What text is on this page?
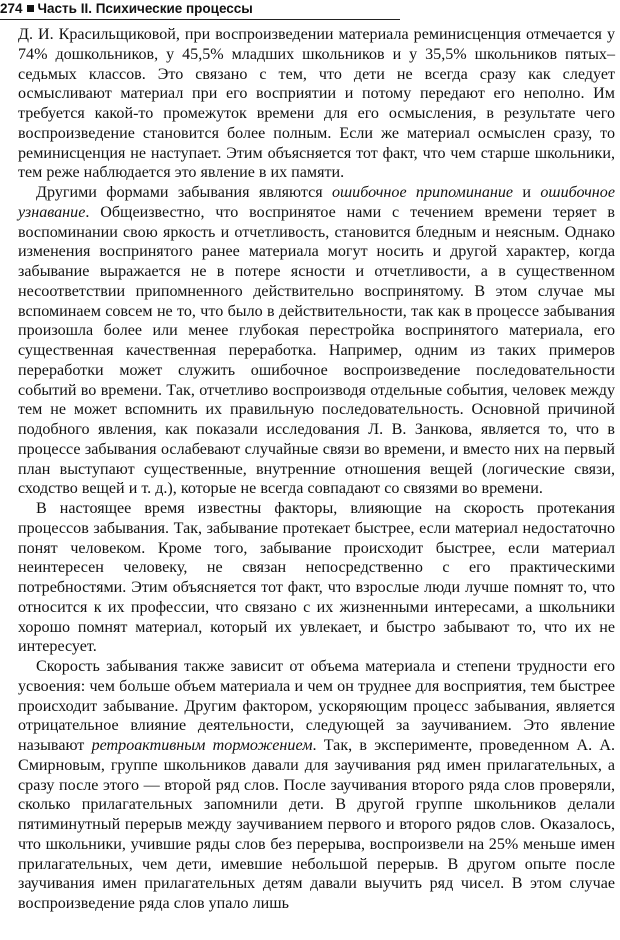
274 Часть II. Психические процессы

Д. И. Красильщиковой, при воспроизведении материала реминисценция отмечается у 74% дошкольников, у 45,5% младших школьников и у 35,5% школьников пятых–седьмых классов. Это связано с тем, что дети не всегда сразу как следует осмысливают материал при его восприятии и потому передают его неполно. Им требуется какой-то промежуток времени для его осмысления, в результате чего воспроизведение становится более полным. Если же материал осмыслен сразу, то реминисценция не наступает. Этим объясняется тот факт, что чем старше школьники, тем реже наблюдается это явление в их памяти.

Другими формами забывания являются ошибочное припоминание и ошибочное узнавание. Общеизвестно, что воспринятое нами с течением времени теряет в воспоминании свою яркость и отчетливость, становится бледным и неясным. Однако изменения воспринятого ранее материала могут носить и другой характер, когда забывание выражается не в потере ясности и отчетливости, а в существенном несоответствии припомненного действительно воспринятому. В этом случае мы вспоминаем совсем не то, что было в действительности, так как в процессе забывания произошла более или менее глубокая перестройка воспринятого материала, его существенная качественная переработка. Например, одним из таких примеров переработки может служить ошибочное воспроизведение последовательности событий во времени. Так, отчетливо воспроизводя отдельные события, человек между тем не может вспомнить их правильную последовательность. Основной причиной подобного явления, как показали исследования Л. В. Занкова, является то, что в процессе забывания ослабевают случайные связи во времени, и вместо них на первый план выступают существенные, внутренние отношения вещей (логические связи, сходство вещей и т. д.), которые не всегда совпадают со связями во времени.

В настоящее время известны факторы, влияющие на скорость протекания процессов забывания. Так, забывание протекает быстрее, если материал недостаточно понят человеком. Кроме того, забывание происходит быстрее, если материал неинтересен человеку, не связан непосредственно с его практическими потребностями. Этим объясняется тот факт, что взрослые люди лучше помнят то, что относится к их профессии, что связано с их жизненными интересами, а школьники хорошо помнят материал, который их увлекает, и быстро забывают то, что их не интересует.

Скорость забывания также зависит от объема материала и степени трудности его усвоения: чем больше объем материала и чем он труднее для восприятия, тем быстрее происходит забывание. Другим фактором, ускоряющим процесс забывания, является отрицательное влияние деятельности, следующей за заучиванием. Это явление называют ретроактивным торможением. Так, в эксперименте, проведенном А. А. Смирновым, группе школьников давали для заучивания ряд имен прилагательных, а сразу после этого — второй ряд слов. После заучивания второго ряда слов проверяли, сколько прилагательных запомнили дети. В другой группе школьников делали пятиминутный перерыв между заучиванием первого и второго рядов слов. Оказалось, что школьники, учившие ряды слов без перерыва, воспроизвели на 25% меньше имен прилагательных, чем дети, имевшие небольшой перерыв. В другом опыте после заучивания имен прилагательных детям давали выучить ряд чисел. В этом случае воспроизведение ряда слов упало лишь
